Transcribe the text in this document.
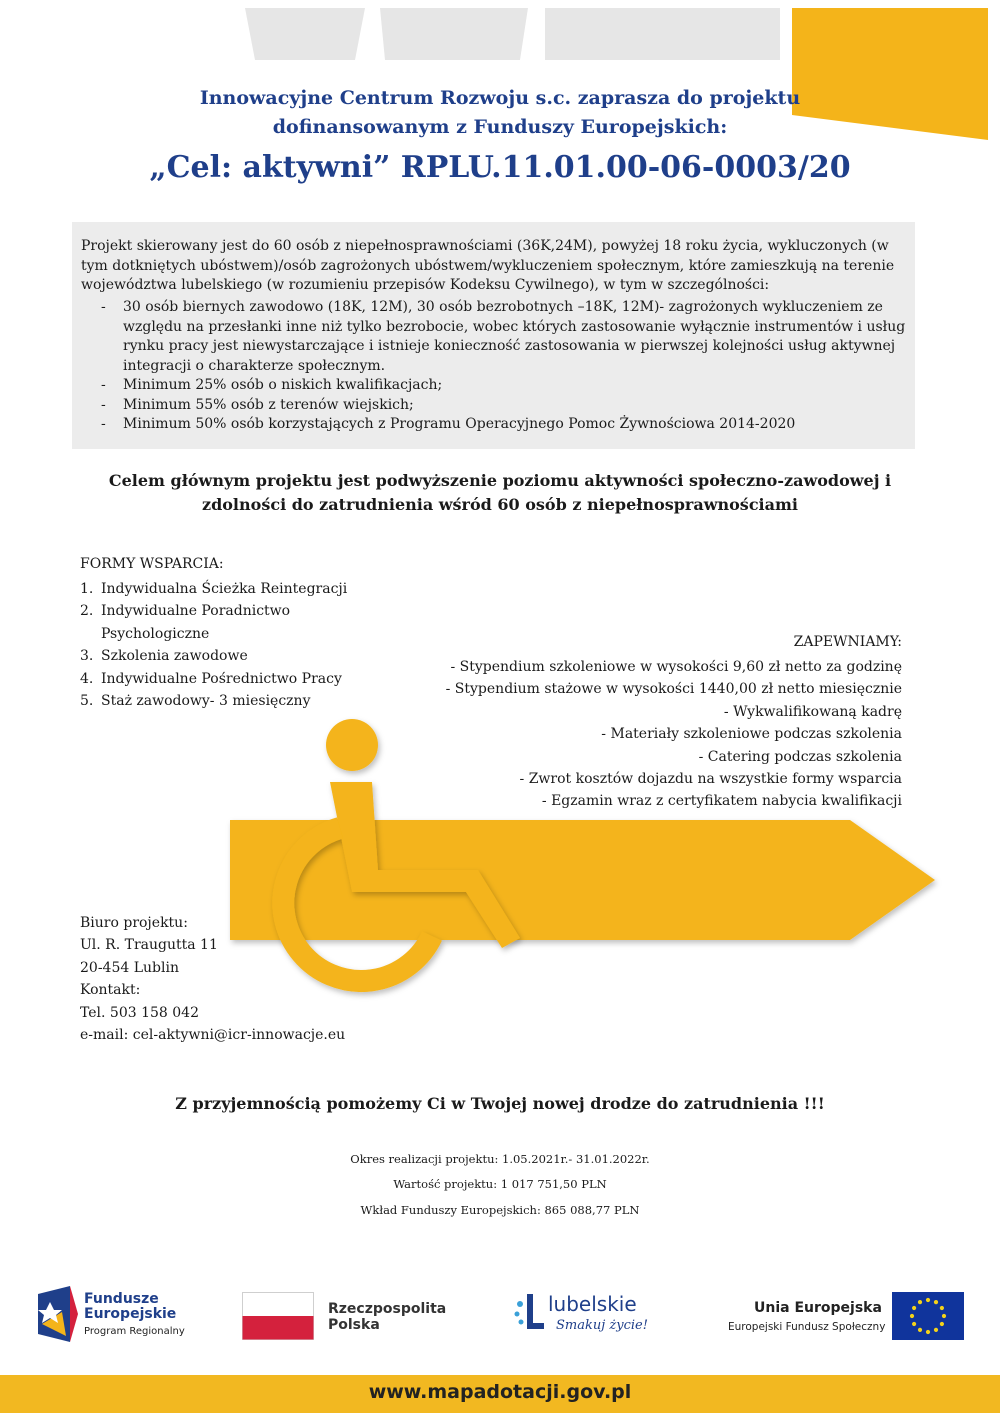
Innowacyjne Centrum Rozwoju s.c. zaprasza do projektu
dofinansowanym z Funduszy Europejskich:
„Cel: aktywni” RPLU.11.01.00-06-0003/20
Projekt skierowany jest do 60 osób z niepełnosprawnościami (36K,24M), powyżej 18 roku życia, wykluczonych (w tym dotkniętych ubóstwem)/osób zagrożonych ubóstwem/wykluczeniem społecznym, które zamieszkują na terenie województwa lubelskiego (w rozumieniu przepisów Kodeksu Cywilnego), w tym w szczególności:
- 30 osób biernych zawodowo (18K, 12M), 30 osób bezrobotnych –18K, 12M)- zagrożonych wykluczeniem ze względu na przesłanki inne niż tylko bezrobocie, wobec których zastosowanie wyłącznie instrumentów i usług rynku pracy jest niewystarczające i istnieje konieczność zastosowania w pierwszej kolejności usług aktywnej integracji o charakterze społecznym.
- Minimum 25% osób o niskich kwalifikacjach;
- Minimum 55% osób z terenów wiejskich;
- Minimum 50% osób korzystających z Programu Operacyjnego Pomoc Żywnościowa 2014-2020
Celem głównym projektu jest podwyższenie poziomu aktywności społeczno-zawodowej i
zdolności do zatrudnienia wśród 60 osób z niepełnosprawnościami
FORMY WSPARCIA:
1. Indywidualna Ścieżka Reintegracji
2. Indywidualne Poradnictwo
Psychologiczne
3. Szkolenia zawodowe
4. Indywidualne Pośrednictwo Pracy
5. Staż zawodowy- 3 miesięczny
ZAPEWNIAMY:
- Stypendium szkoleniowe w wysokości 9,60 zł netto za godzinę
- Stypendium stażowe w wysokości 1440,00 zł netto miesięcznie
- Wykwalifikowaną kadrę
- Materiały szkoleniowe podczas szkolenia
- Catering podczas szkolenia
- Zwrot kosztów dojazdu na wszystkie formy wsparcia
- Egzamin wraz z certyfikatem nabycia kwalifikacji
Biuro projektu:
Ul. R. Traugutta 11
20-454 Lublin
Kontakt:
Tel. 503 158 042
e-mail: cel-aktywni@icr-innowacje.eu
Z przyjemnością pomożemy Ci w Twojej nowej drodze do zatrudnienia !!!
Okres realizacji projektu: 1.05.2021r.- 31.01.2022r.
Wartość projektu: 1 017 751,50 PLN
Wkład Funduszy Europejskich: 865 088,77 PLN
Fundusze
Europejskie
Program Regionalny
Rzeczpospolita
Polska
lubelskie
Smakuj życie!
Unia Europejska
Europejski Fundusz Społeczny
www.mapadotacji.gov.pl
